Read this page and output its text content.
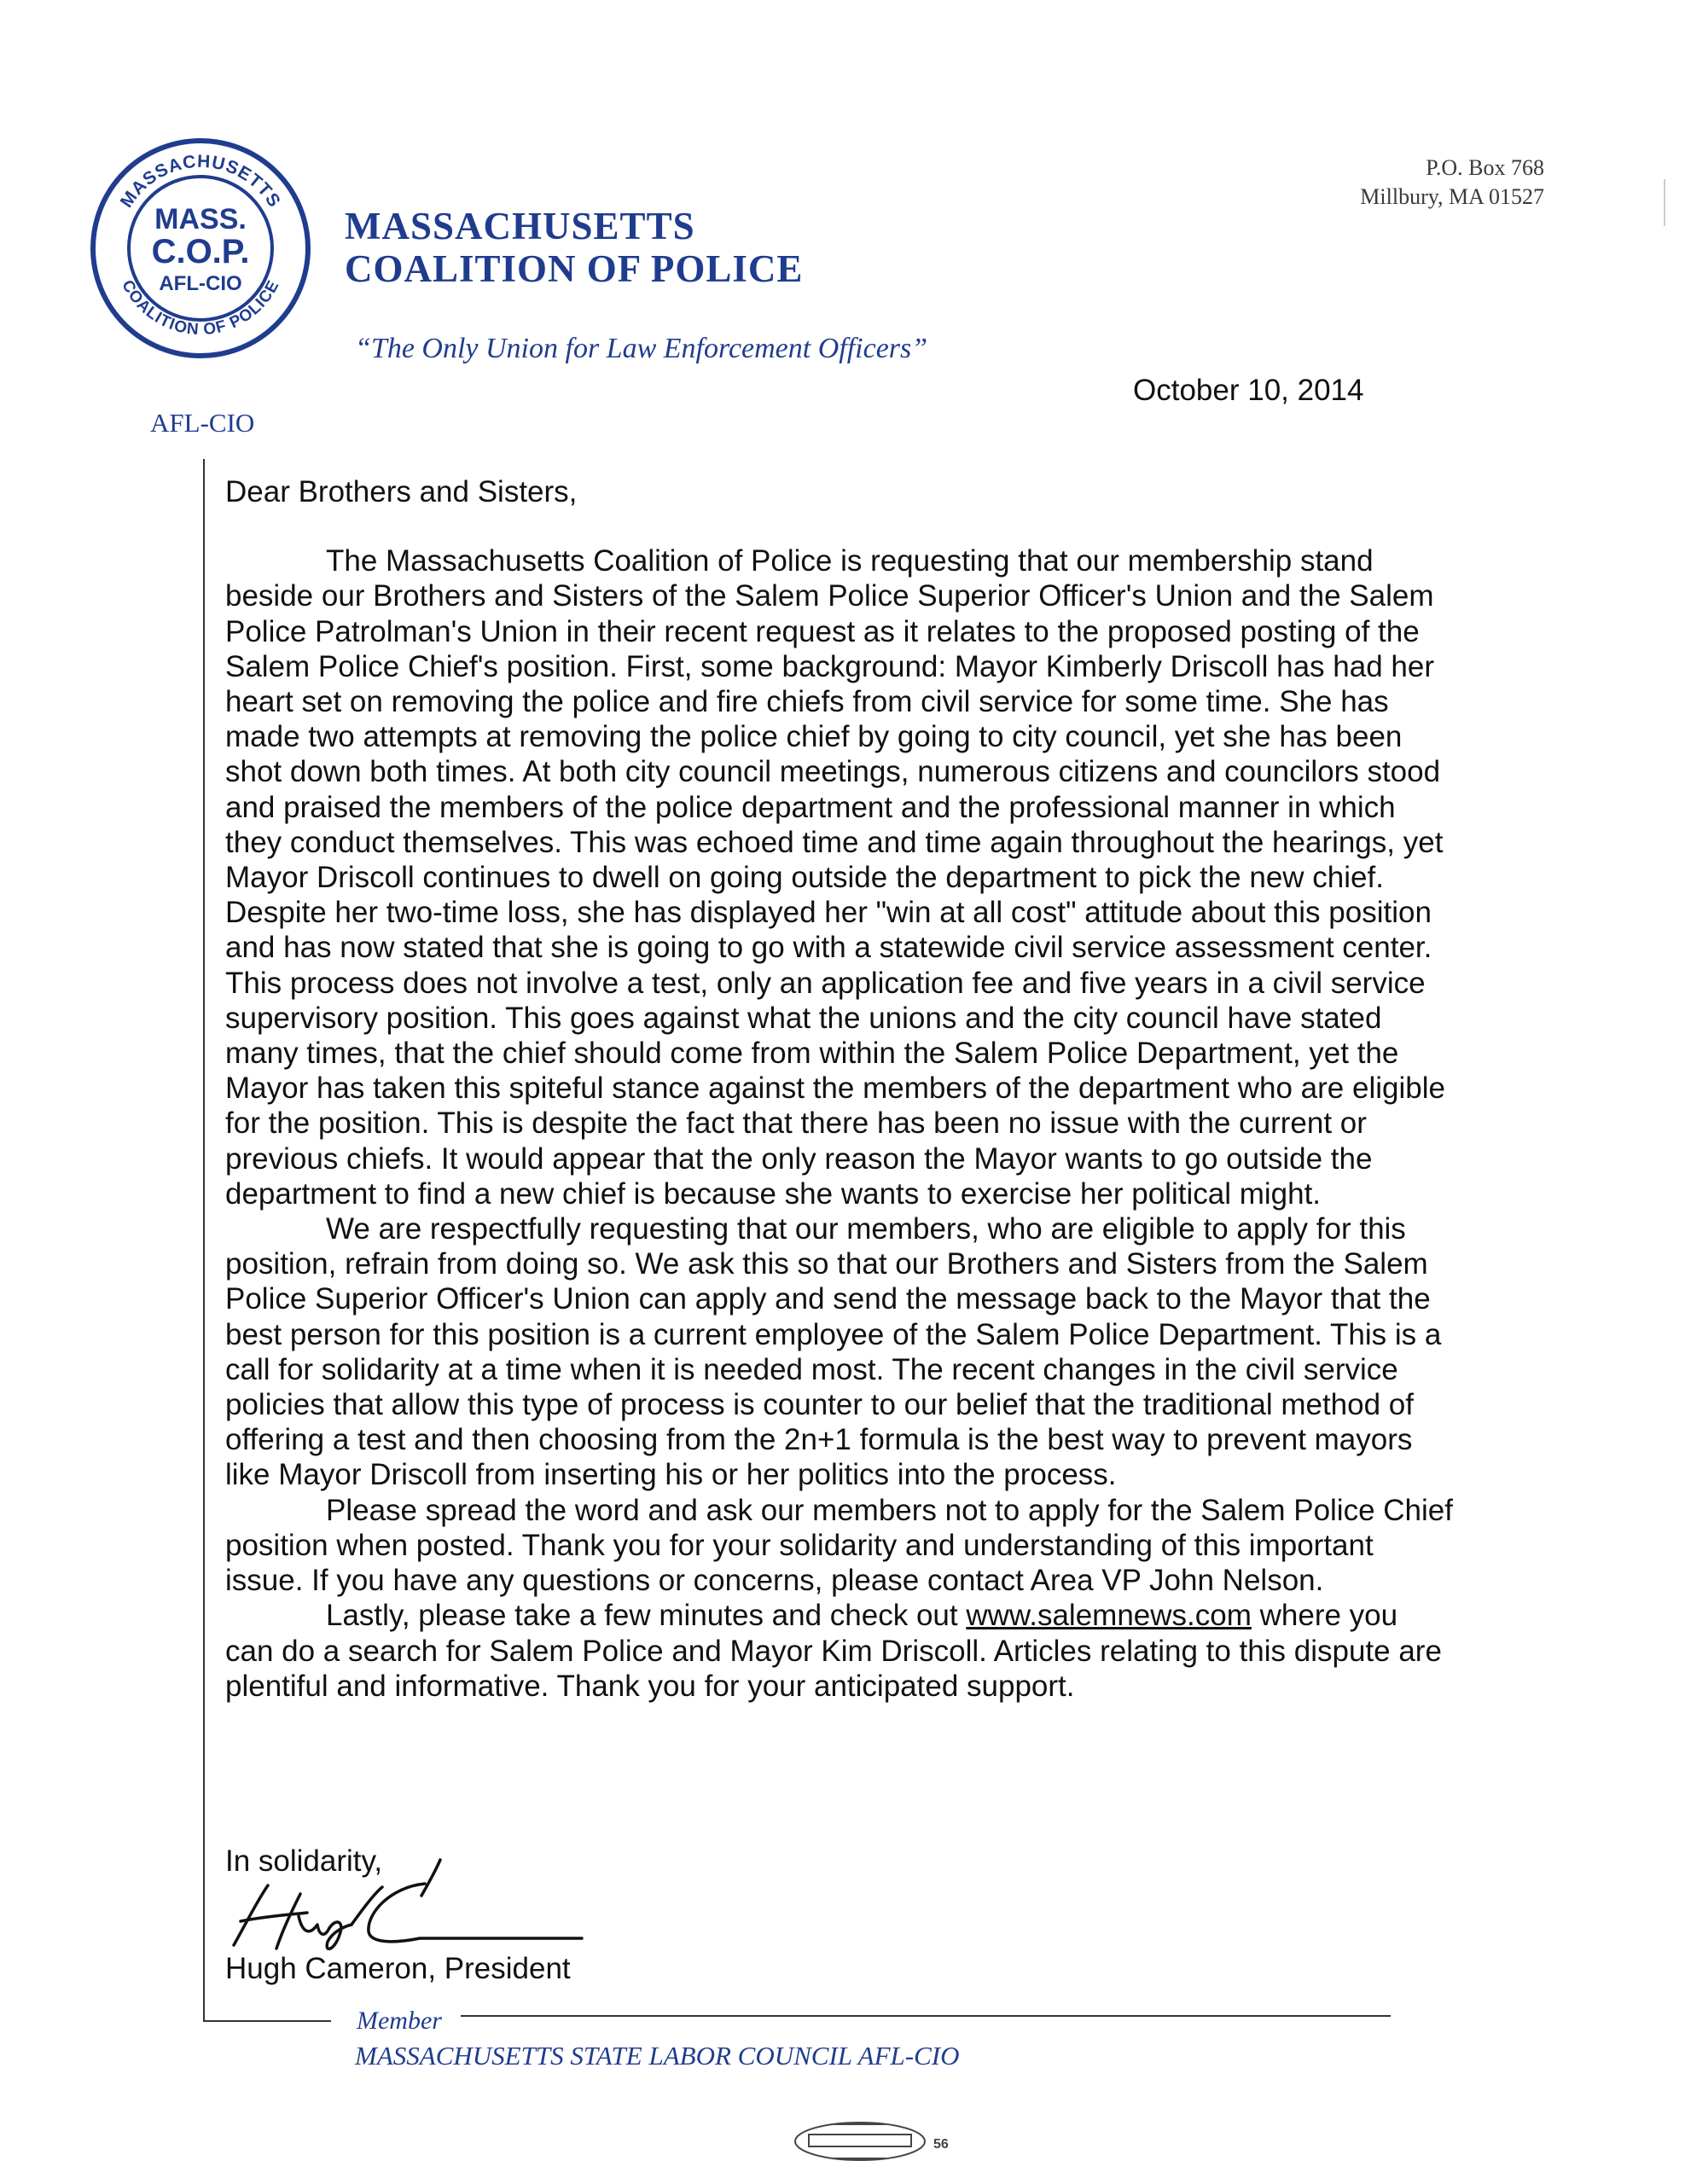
MASSACHUSETTS
COALITION OF POLICE
MASS.
C.O.P.
AFL-CIO
MASSACHUSETTS
COALITION OF POLICE
“The Only Union for Law Enforcement Officers”
P.O. Box 768
Millbury, MA 01527
AFL-CIO
October 10, 2014

Dear Brothers and Sisters,

The Massachusetts Coalition of Police is requesting that our membership stand beside our Brothers and Sisters of the Salem Police Superior Officer's Union and the Salem Police Patrolman's Union in their recent request as it relates to the proposed posting of the Salem Police Chief's position. First, some background: Mayor Kimberly Driscoll has had her heart set on removing the police and fire chiefs from civil service for some time. She has made two attempts at removing the police chief by going to city council, yet she has been shot down both times. At both city council meetings, numerous citizens and councilors stood and praised the members of the police department and the professional manner in which they conduct themselves. This was echoed time and time again throughout the hearings, yet Mayor Driscoll continues to dwell on going outside the department to pick the new chief. Despite her two-time loss, she has displayed her "win at all cost" attitude about this position and has now stated that she is going to go with a statewide civil service assessment center. This process does not involve a test, only an application fee and five years in a civil service supervisory position. This goes against what the unions and the city council have stated many times, that the chief should come from within the Salem Police Department, yet the Mayor has taken this spiteful stance against the members of the department who are eligible for the position. This is despite the fact that there has been no issue with the current or previous chiefs. It would appear that the only reason the Mayor wants to go outside the department to find a new chief is because she wants to exercise her political might.

We are respectfully requesting that our members, who are eligible to apply for this position, refrain from doing so. We ask this so that our Brothers and Sisters from the Salem Police Superior Officer's Union can apply and send the message back to the Mayor that the best person for this position is a current employee of the Salem Police Department. This is a call for solidarity at a time when it is needed most. The recent changes in the civil service policies that allow this type of process is counter to our belief that the traditional method of offering a test and then choosing from the 2n+1 formula is the best way to prevent mayors like Mayor Driscoll from inserting his or her politics into the process.

Please spread the word and ask our members not to apply for the Salem Police Chief position when posted. Thank you for your solidarity and understanding of this important issue. If you have any questions or concerns, please contact Area VP John Nelson.

Lastly, please take a few minutes and check out www.salemnews.com where you can do a search for Salem Police and Mayor Kim Driscoll. Articles relating to this dispute are plentiful and informative. Thank you for your anticipated support.

In solidarity,
Hugh Cameron, President
Member
MASSACHUSETTS STATE LABOR COUNCIL AFL-CIO
56
